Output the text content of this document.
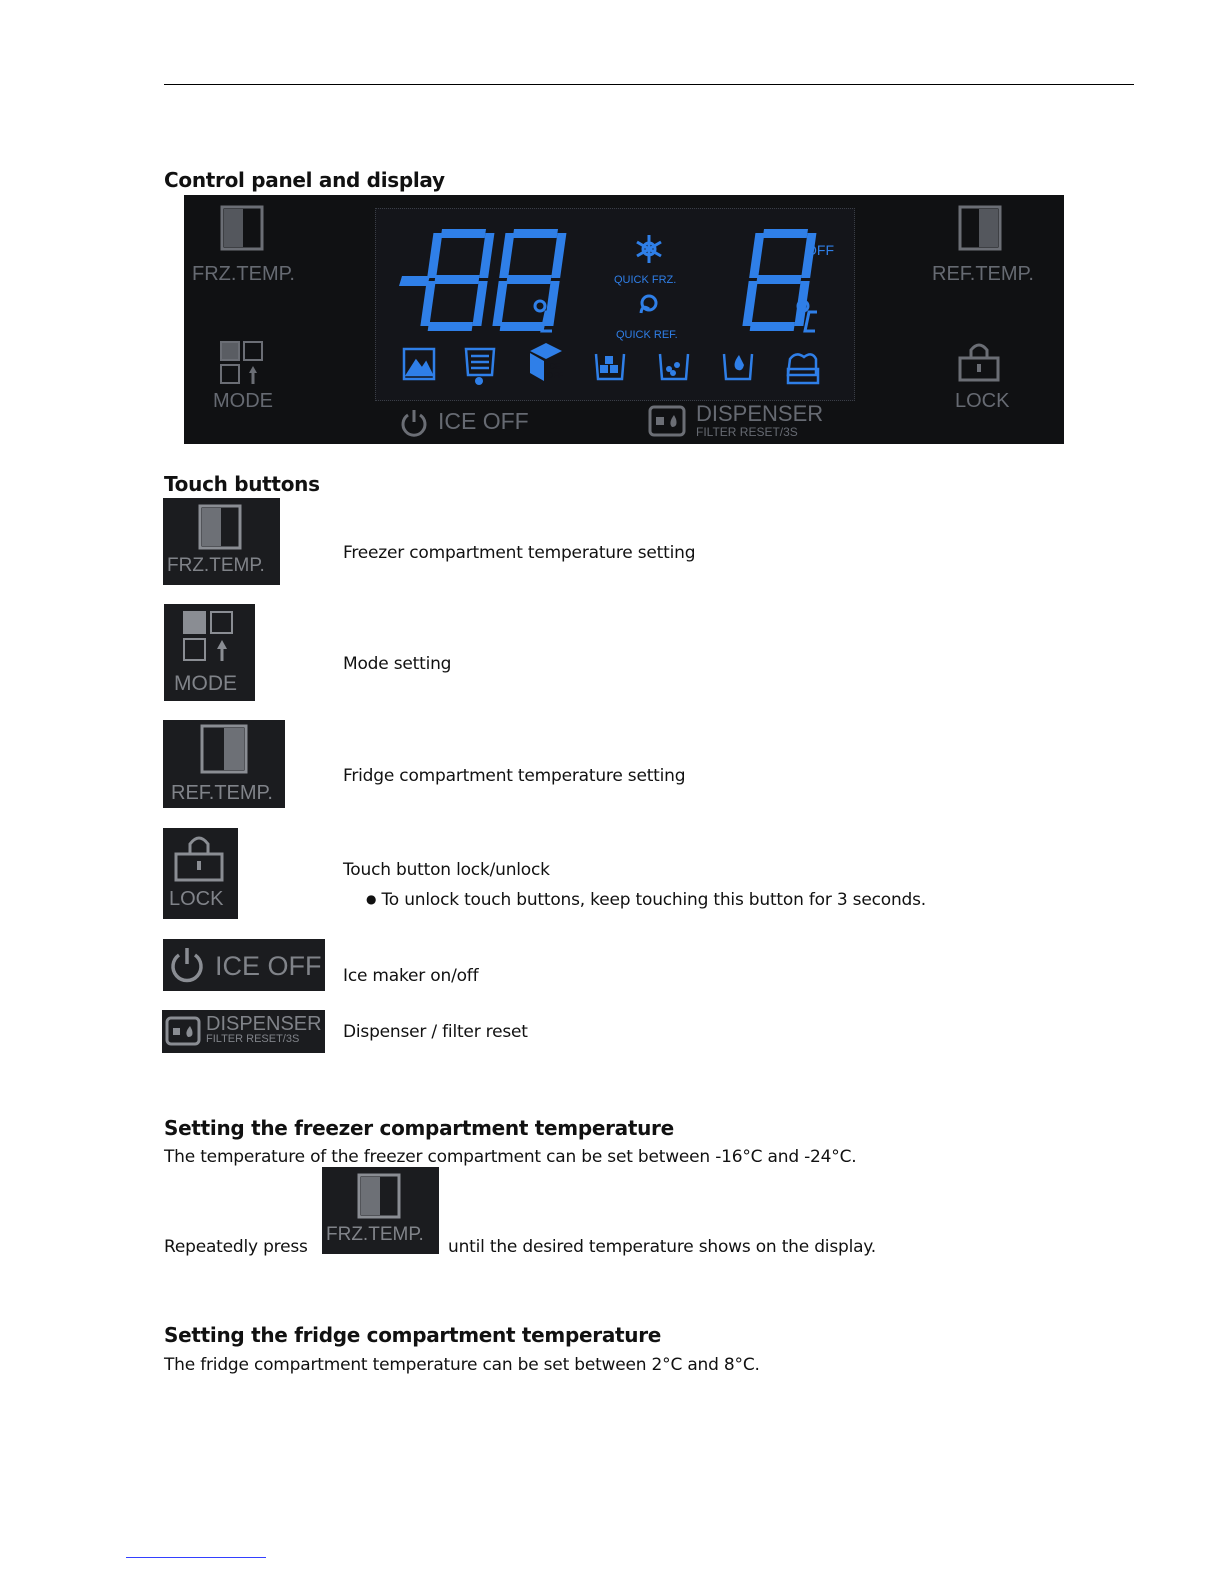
Control panel and display
FRZ.TEMP.
MODE
ICE
OFF
QUICK FRZ.
QUICK REF.
OFF
REF.TEMP.
LOCK
ICE OFF	DISPENSER
FILTER RESET/3S
Touch buttons
FRZ.TEMP.
Freezer compartment temperature setting
MODE
Mode setting
REF.TEMP.
Fridge compartment temperature setting
LOCK
Touch button lock/unlock
● To unlock touch buttons, keep touching this button for 3 seconds.
ICE OFF Ice maker on/off
DISPENSER
FILTER RESET/3S	Dispenser / filter reset
Setting the freezer compartment temperature
The temperature of the freezer compartment can be set between -16°C and -24°C.
Repeatedly press
FRZ.TEMP.
until the desired temperature shows on the display.
Setting the fridge compartment temperature
The fridge compartment temperature can be set between 2°C and 8°C.
